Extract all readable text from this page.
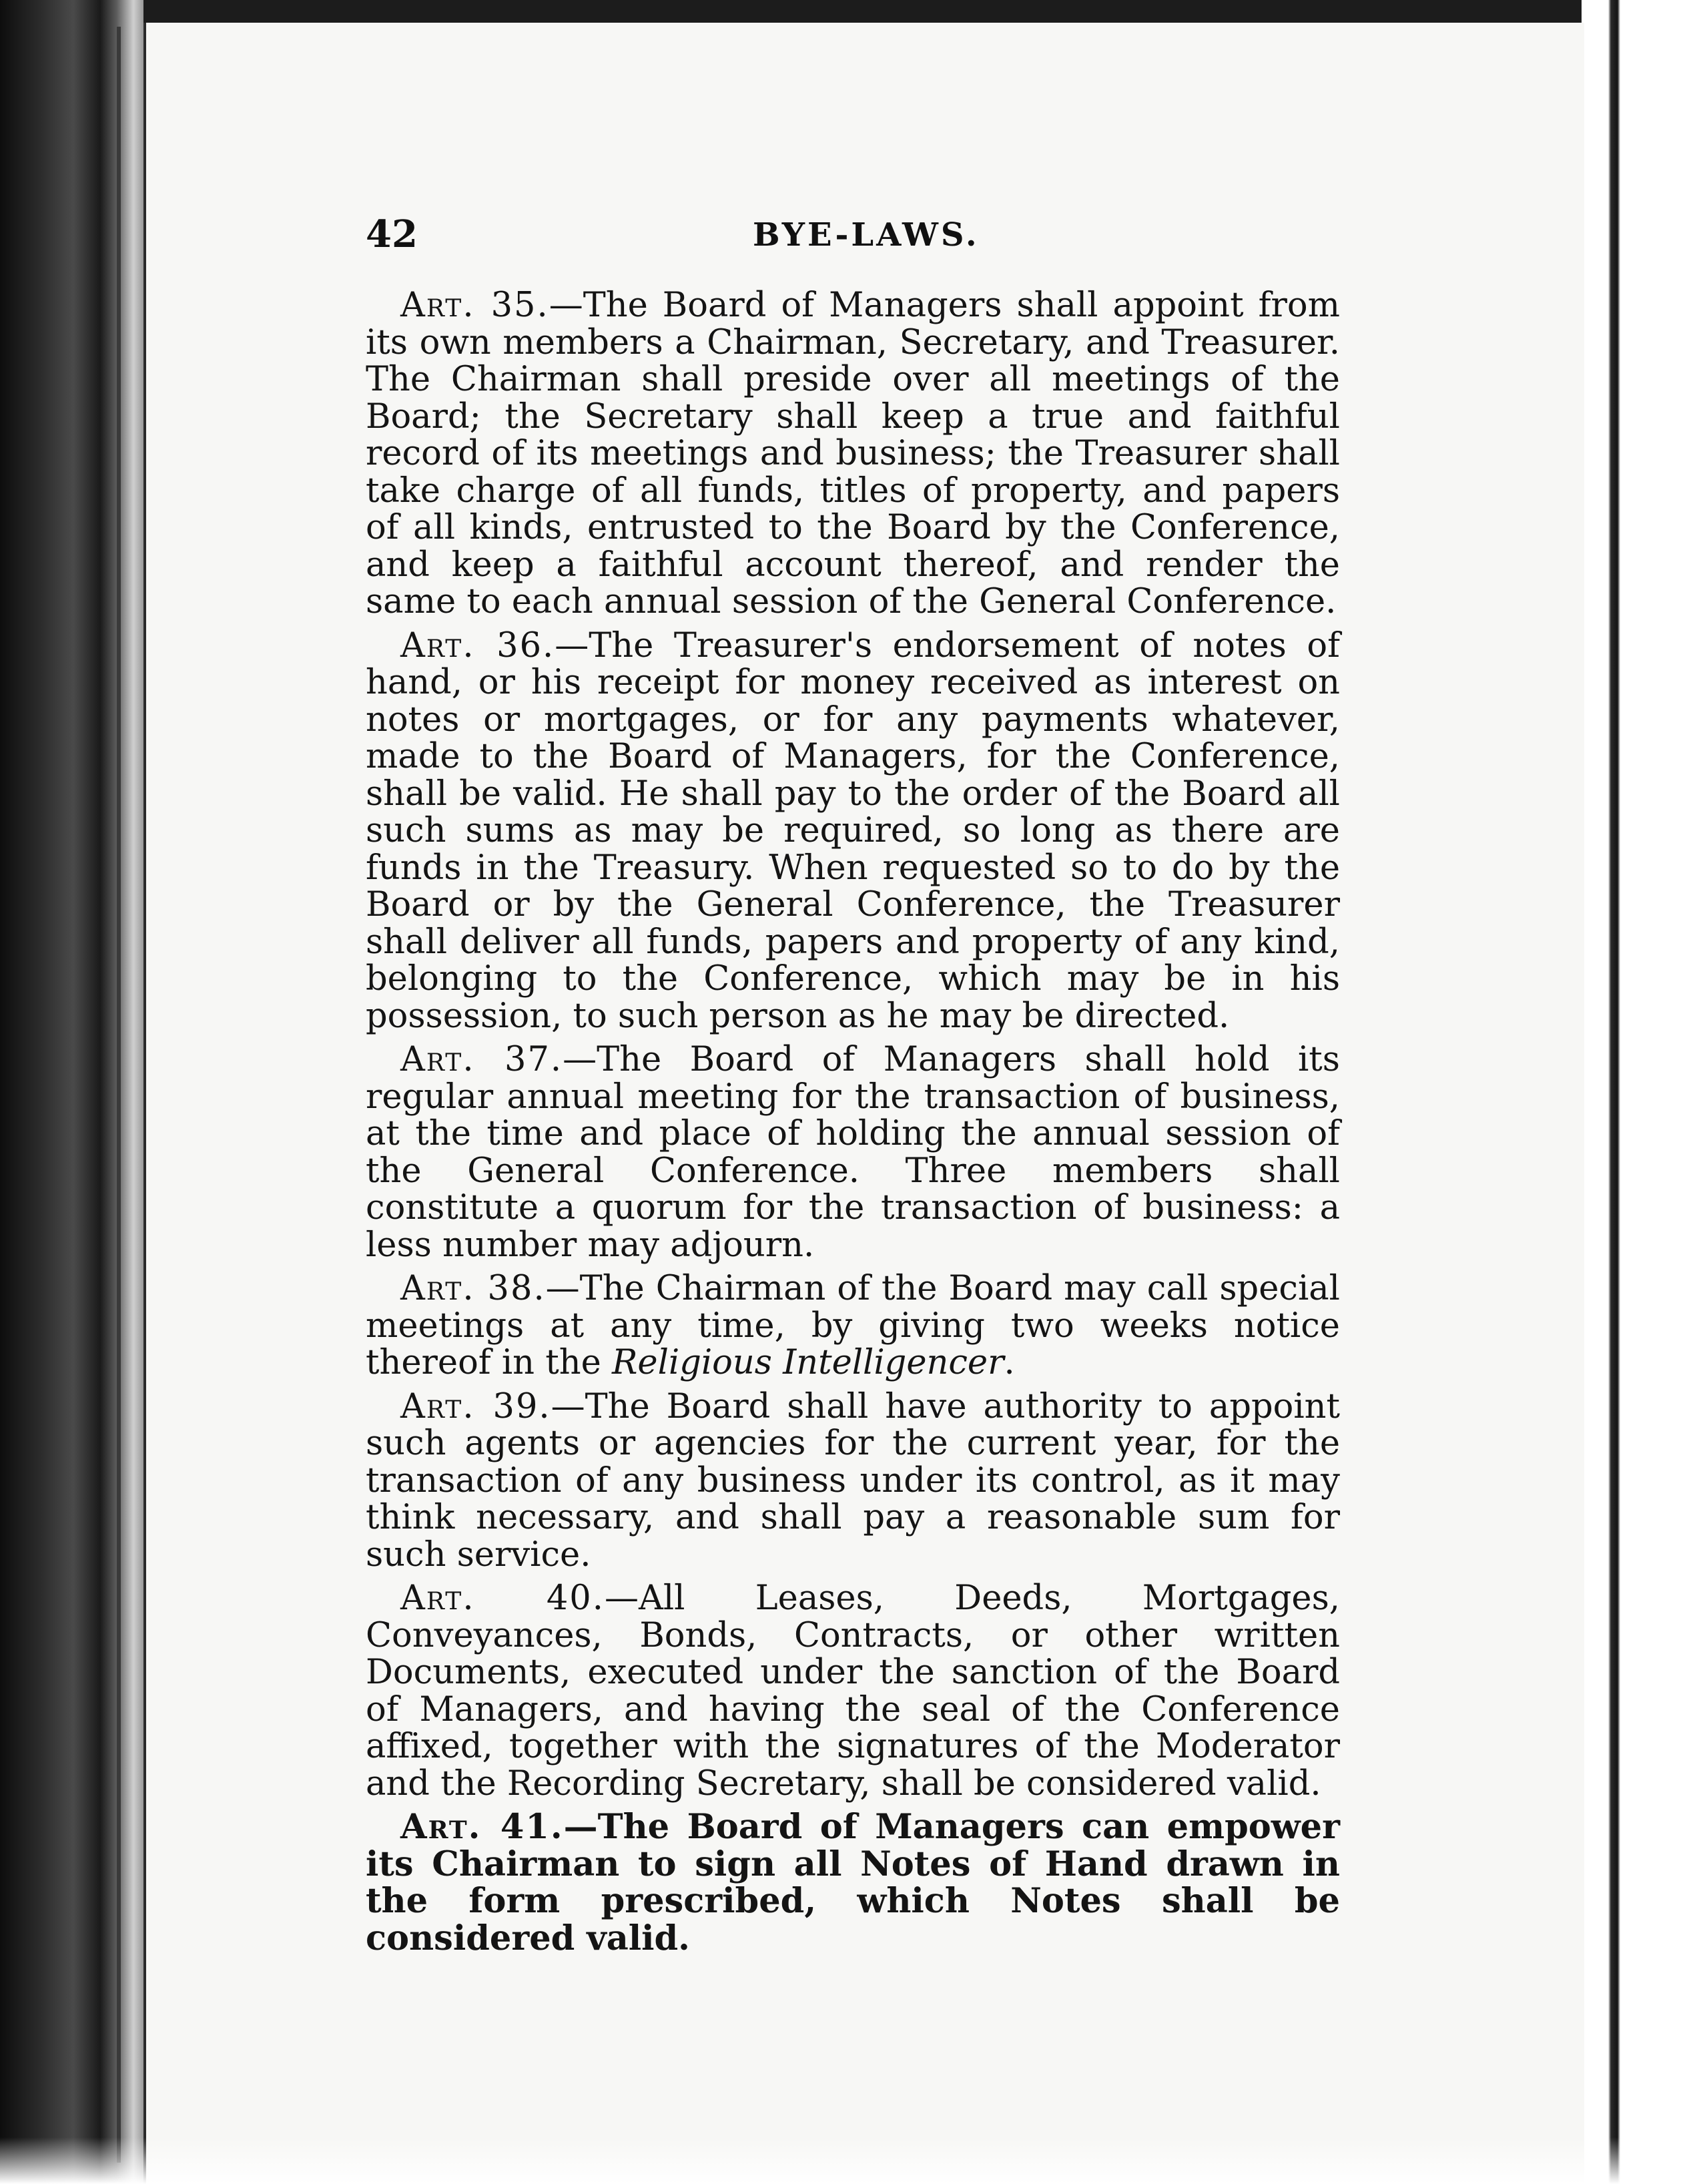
42	BYE-LAWS.

Art. 35.—The Board of Managers shall appoint from its own members a Chairman, Secretary, and Treasurer. The Chairman shall preside over all meetings of the Board; the Secretary shall keep a true and faithful record of its meetings and business; the Treasurer shall take charge of all funds, titles of property, and papers of all kinds, entrusted to the Board by the Conference, and keep a faithful account thereof, and render the same to each annual session of the General Conference.

Art. 36.—The Treasurer's endorsement of notes of hand, or his receipt for money received as interest on notes or mortgages, or for any payments whatever, made to the Board of Managers, for the Conference, shall be valid. He shall pay to the order of the Board all such sums as may be required, so long as there are funds in the Treasury. When requested so to do by the Board or by the General Conference, the Treasurer shall deliver all funds, papers and property of any kind, belonging to the Conference, which may be in his possession, to such person as he may be directed.

Art. 37.—The Board of Managers shall hold its regular annual meeting for the transaction of business, at the time and place of holding the annual session of the General Conference. Three members shall constitute a quorum for the transaction of business: a less number may adjourn.

Art. 38.—The Chairman of the Board may call special meetings at any time, by giving two weeks notice thereof in the Religious Intelligencer.

Art. 39.—The Board shall have authority to appoint such agents or agencies for the current year, for the transaction of any business under its control, as it may think necessary, and shall pay a reasonable sum for such service.

Art. 40.—All Leases, Deeds, Mortgages, Conveyances, Bonds, Contracts, or other written Documents, executed under the sanction of the Board of Managers, and having the seal of the Conference affixed, together with the signatures of the Moderator and the Recording Secretary, shall be considered valid.

Art. 41.—The Board of Managers can empower its Chairman to sign all Notes of Hand drawn in the form prescribed, which Notes shall be considered valid.
